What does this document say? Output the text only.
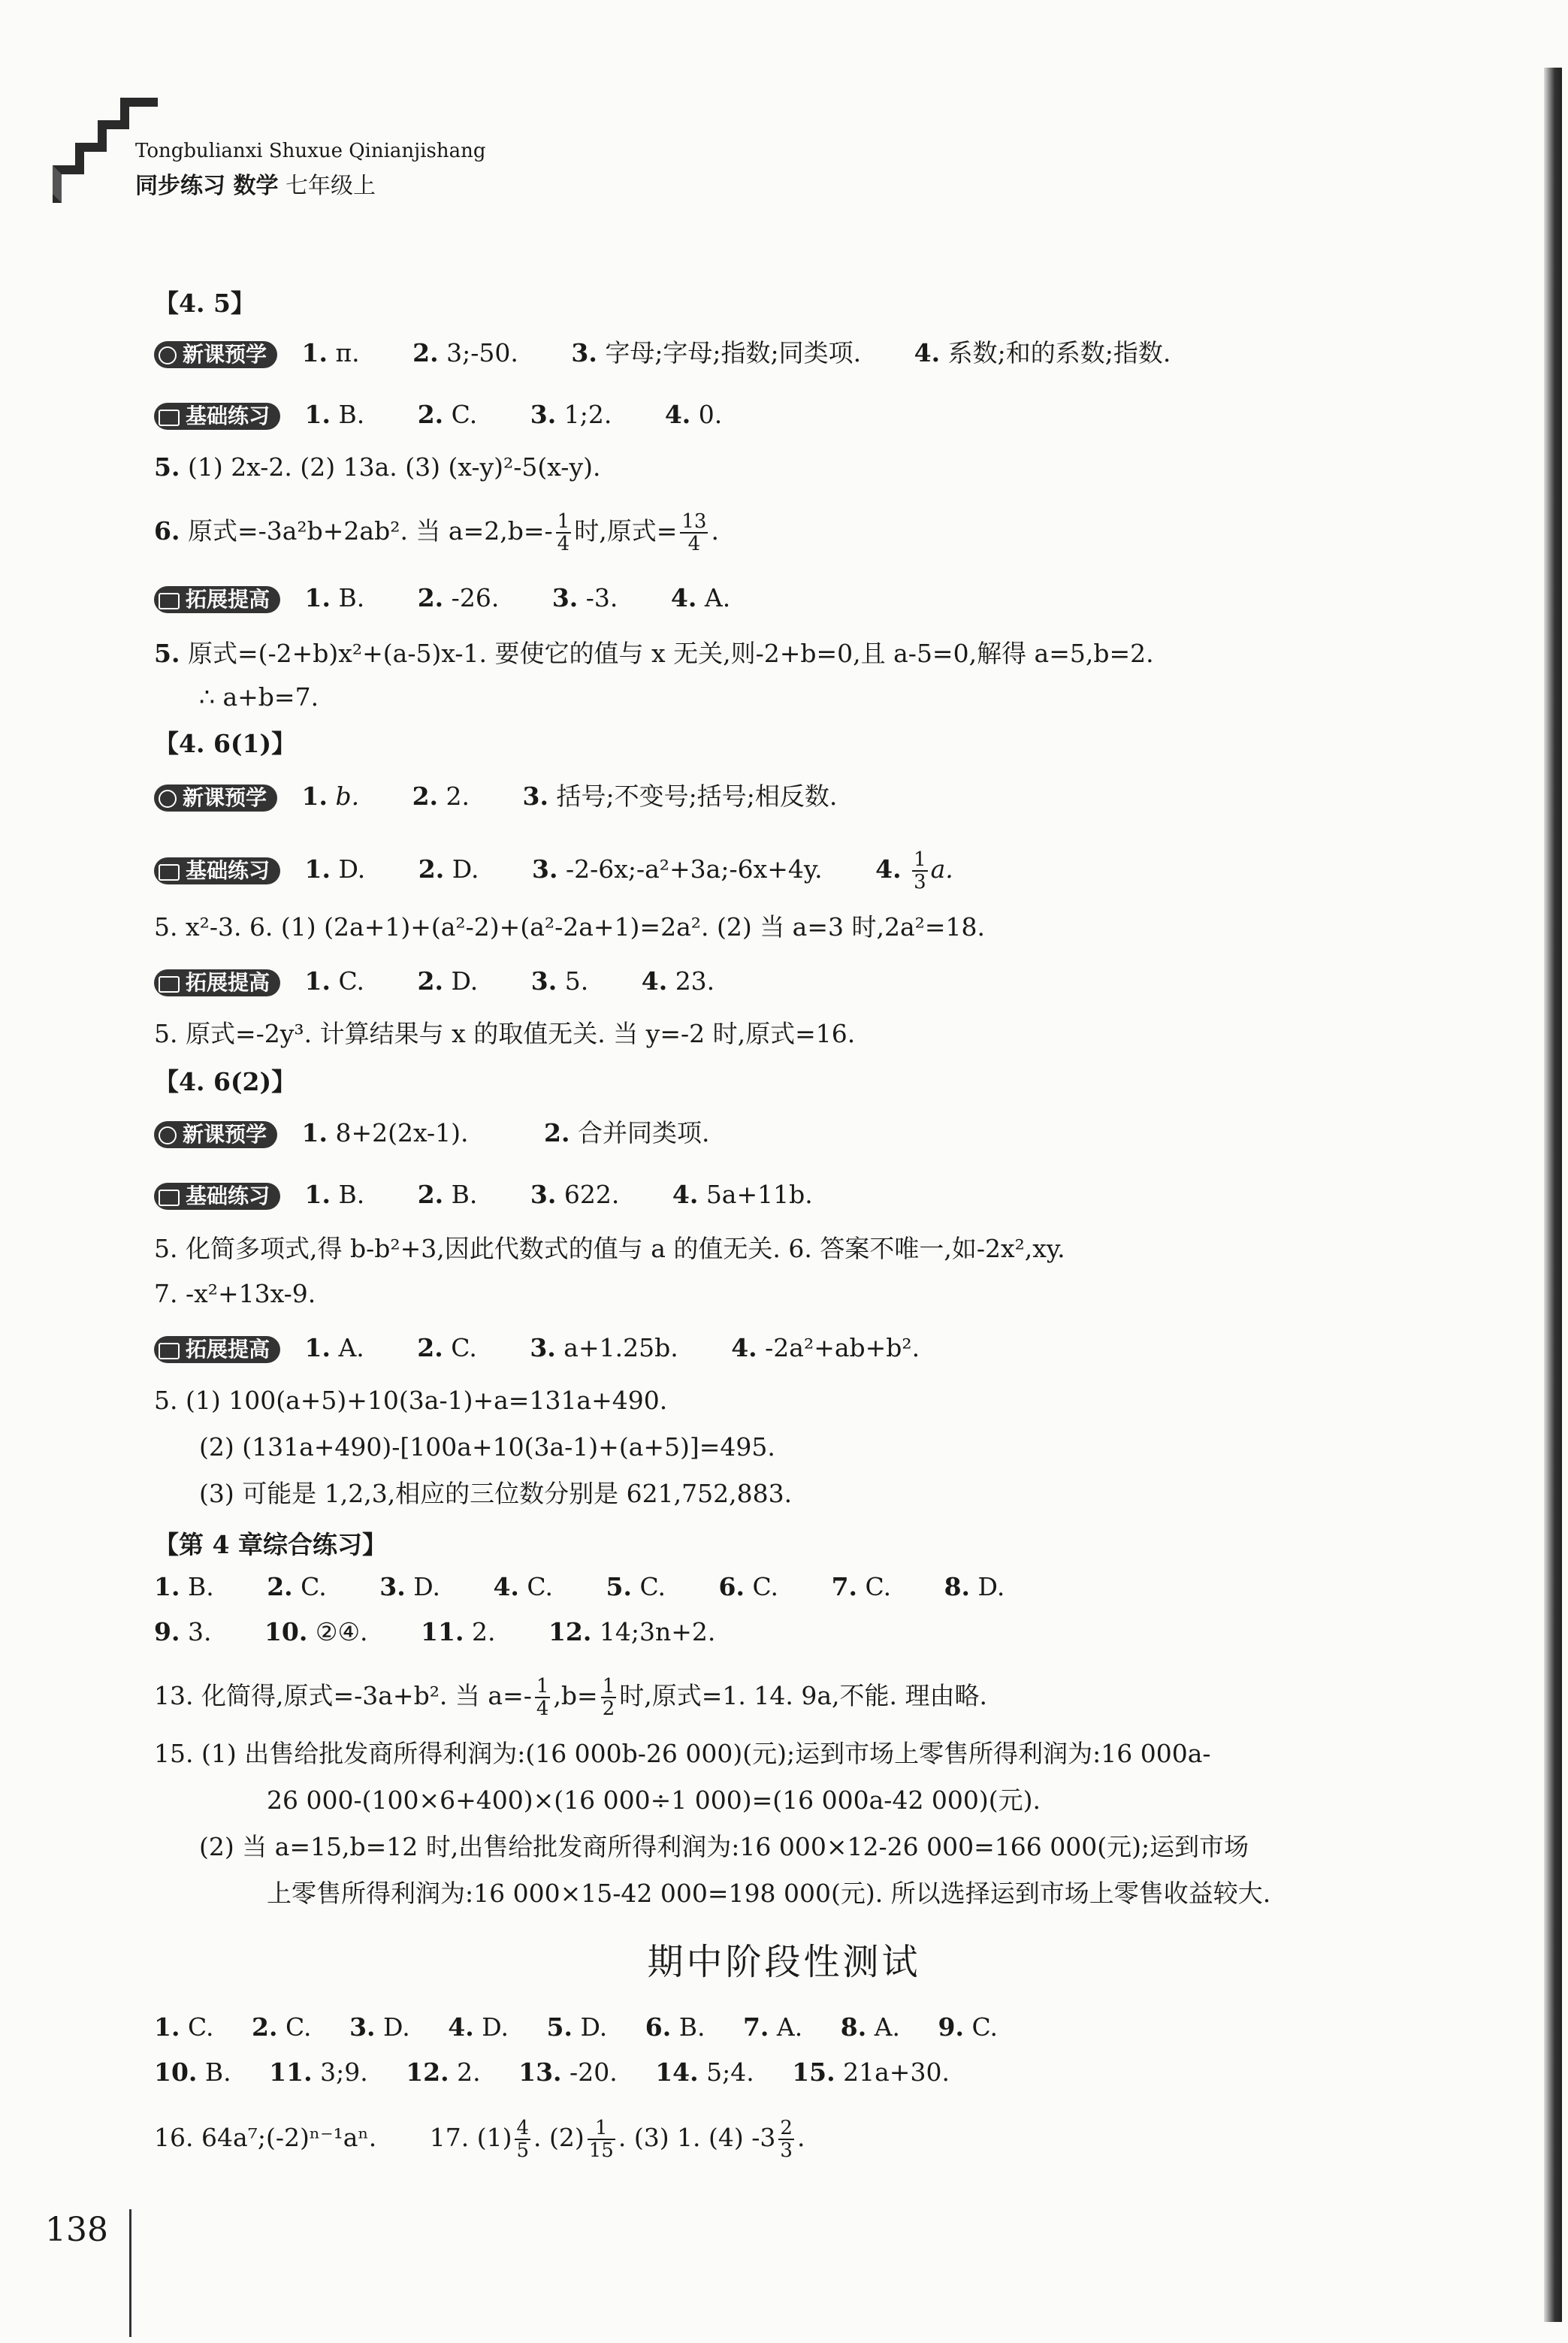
Tongbulianxi Shuxue Qinianjishang
同步练习 数学 七年级上
【4. 5】
新课预学 1. π. 2. 3;-50. 3. 字母;字母;指数;同类项. 4. 系数;和的系数;指数.
基础练习 1. B. 2. C. 3. 1;2. 4. 0.
5. (1) 2x-2. (2) 13a. (3) (x-y)²-5(x-y).
6. 原式=-3a²b+2ab². 当 $a=2,b=- \frac{1}{4}$ 时,原式= $\frac{13}{4}$ .
拓展提高 1. B. 2. -26. 3. -3. 4. A.
5. 原式=(-2+b)x²+(a-5)x-1. 要使它的值与 x 无关,则-2+b=0,且 a-5=0,解得 a=5,b=2.
∴ a+b=7.
【4. 6(1)】
新课预学 1. b. 2. 2. 3. 括号;不变号;括号;相反数.
基础练习 1. D. 2. D. 3. -2-6x;-a²+3a;-6x+4y. 4. $\frac{1}{3} a$.
5. x²-3. 6. (1) (2a+1)+(a²-2)+(a²-2a+1)=2a². (2) 当 a=3 时,2a²=18.
拓展提高 1. C. 2. D. 3. 5. 4. 23.
5. 原式=-2y³. 计算结果与 x 的取值无关. 当 y=-2 时,原式=16.
【4. 6(2)】
新课预学 1. 8+2(2x-1).	2. 合并同类项.
基础练习 1. B. 2. B. 3. 622. 4. 5a+11b.
5. 化简多项式,得 b-b²+3,因此代数式的值与 a 的值无关. 6. 答案不唯一,如-2x²,xy.
7. -x²+13x-9.
拓展提高 1. A. 2. C. 3. a+1.25b. 4. -2a²+ab+b².
5. (1) 100(a+5)+10(3a-1)+a=131a+490.
(2) (131a+490)-[100a+10(3a-1)+(a+5)]=495.
(3) 可能是 1,2,3,相应的三位数分别是 621,752,883.
【第 4 章综合练习】
1. B. 2. C. 3. D. 4. C. 5. C. 6. C. 7. C. 8. D.
9. 3. 10. ②④. 11. 2. 12. 14;3n+2.
13. 化简得,原式=-3a+b². 当 $a=- \frac{1}{4} ,b= \frac{1}{2}$ 时,原式=1. 14. 9a,不能. 理由略.
15. (1) 出售给批发商所得利润为:(16 000b-26 000)(元);运到市场上零售所得利润为:16 000a-
26 000-(100×6+400)×(16 000÷1 000)=(16 000a-42 000)(元).
(2) 当 a=15,b=12 时,出售给批发商所得利润为:16 000×12-26 000=166 000(元);运到市场
上零售所得利润为:16 000×15-42 000=198 000(元). 所以选择运到市场上零售收益较大.
期中阶段性测试
1. C. 2. C. 3. D. 4. D. 5. D. 6. B. 7. A. 8. A. 9. C.
10. B. 11. 3;9. 12. 2. 13. -20. 14. 5;4. 15. 21a+30.
16. 64a⁷;(-2)ⁿ⁻¹aⁿ. 17. $(1) \frac{4}{5}$ . $(2) \frac{1}{15}$ . (3) 1. (4) $-3 \frac{2}{3}$ .
138
